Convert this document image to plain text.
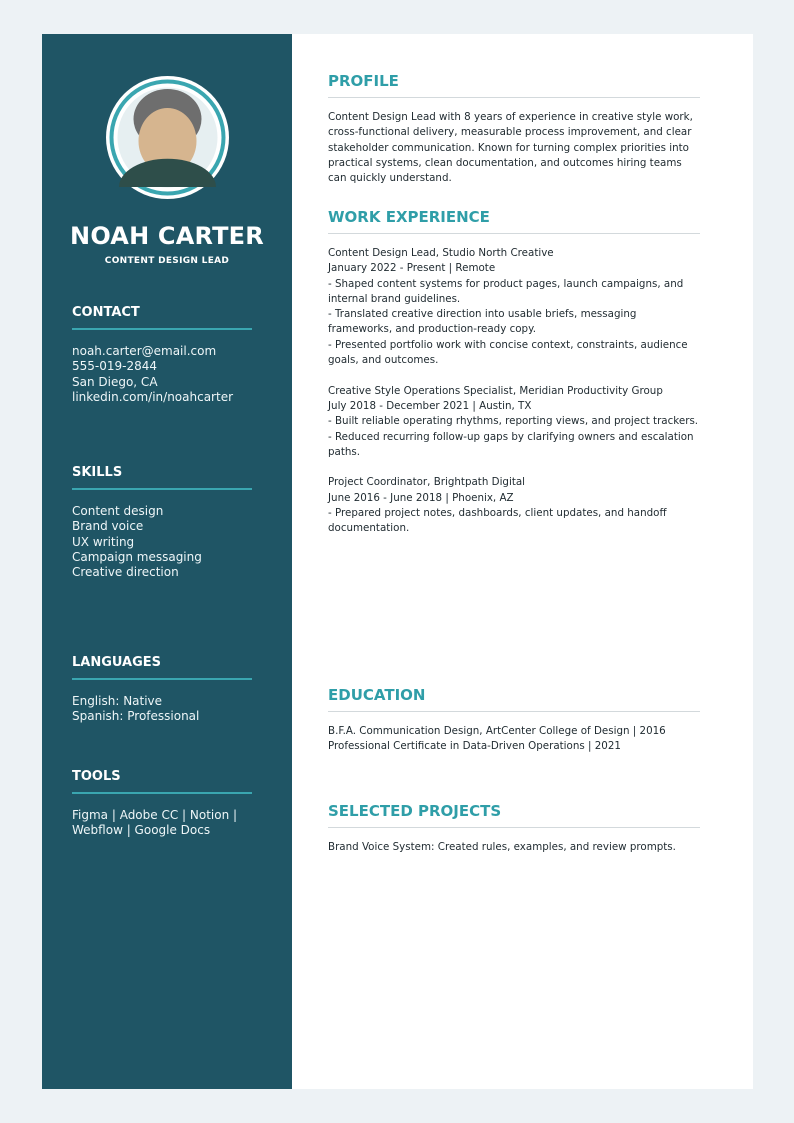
NOAH CARTER
CONTENT DESIGN LEAD
CONTACT
noah.carter@email.com
555-019-2844
San Diego, CA
linkedin.com/in/noahcarter
SKILLS
Content design
Brand voice
UX writing
Campaign messaging
Creative direction
LANGUAGES
English: Native
Spanish: Professional
TOOLS
Figma | Adobe CC | Notion |
Webflow | Google Docs
PROFILE
Content Design Lead with 8 years of experience in creative style work,
cross-functional delivery, measurable process improvement, and clear
stakeholder communication. Known for turning complex priorities into
practical systems, clean documentation, and outcomes hiring teams
can quickly understand.
WORK EXPERIENCE
Content Design Lead, Studio North Creative
January 2022 - Present | Remote
- Shaped content systems for product pages, launch campaigns, and
internal brand guidelines.
- Translated creative direction into usable briefs, messaging
frameworks, and production-ready copy.
- Presented portfolio work with concise context, constraints, audience
goals, and outcomes.
Creative Style Operations Specialist, Meridian Productivity Group
July 2018 - December 2021 | Austin, TX
- Built reliable operating rhythms, reporting views, and project trackers.
- Reduced recurring follow-up gaps by clarifying owners and escalation
paths.
Project Coordinator, Brightpath Digital
June 2016 - June 2018 | Phoenix, AZ
- Prepared project notes, dashboards, client updates, and handoff
documentation.
EDUCATION
B.F.A. Communication Design, ArtCenter College of Design | 2016
Professional Certificate in Data-Driven Operations | 2021
SELECTED PROJECTS
Brand Voice System: Created rules, examples, and review prompts.
